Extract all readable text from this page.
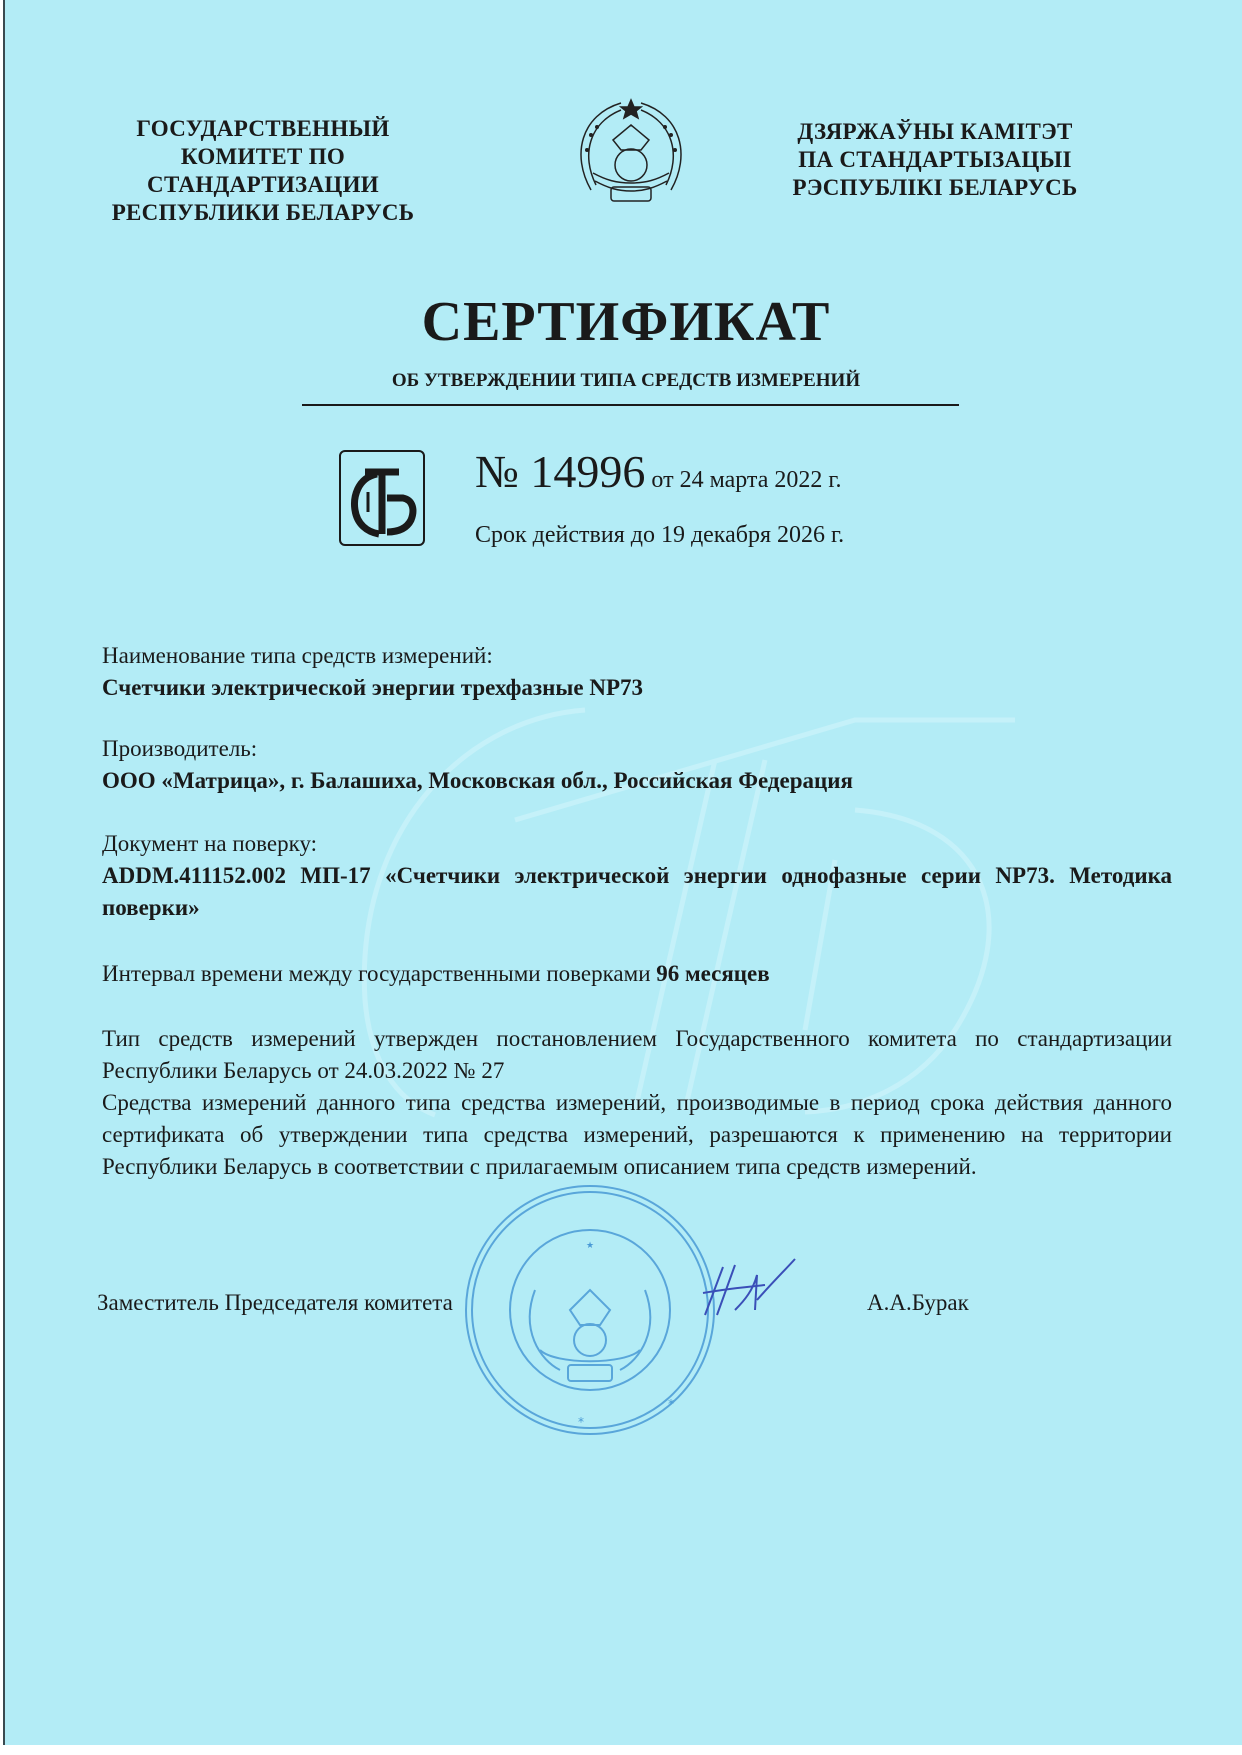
ГОСУДАРСТВЕННЫЙ
КОМИТЕТ ПО
СТАНДАРТИЗАЦИИ
РЕСПУБЛИКИ БЕЛАРУСЬ
ДЗЯРЖАЎНЫ КАМІТЭТ
ПА СТАНДАРТЫЗАЦЫІ
РЭСПУБЛІКІ БЕЛАРУСЬ
СЕРТИФИКАТ
ОБ УТВЕРЖДЕНИИ ТИПА СРЕДСТВ ИЗМЕРЕНИЙ
№ 14996 от 24 марта 2022 г.
Срок действия до 19 декабря 2026 г.
Наименование типа средств измерений:
Счетчики электрической энергии трехфазные NP73
Производитель:
ООО «Матрица», г. Балашиха, Московская обл., Российская Федерация
Документ на поверку:
ADDM.411152.002 МП-17 «Счетчики электрической энергии однофазные серии NP73. Методика поверки»
Интервал времени между государственными поверками 96 месяцев
Тип средств измерений утвержден постановлением Государственного комитета по стандартизации Республики Беларусь от 24.03.2022 № 27
Средства измерений данного типа средства измерений, производимые в период срока действия данного сертификата об утверждении типа средства измерений, разрешаются к применению на территории Республики Беларусь в соответствии с прилагаемым описанием типа средств измерений.
★
*
*
Заместитель Председателя комитета	А.А.Бурак
